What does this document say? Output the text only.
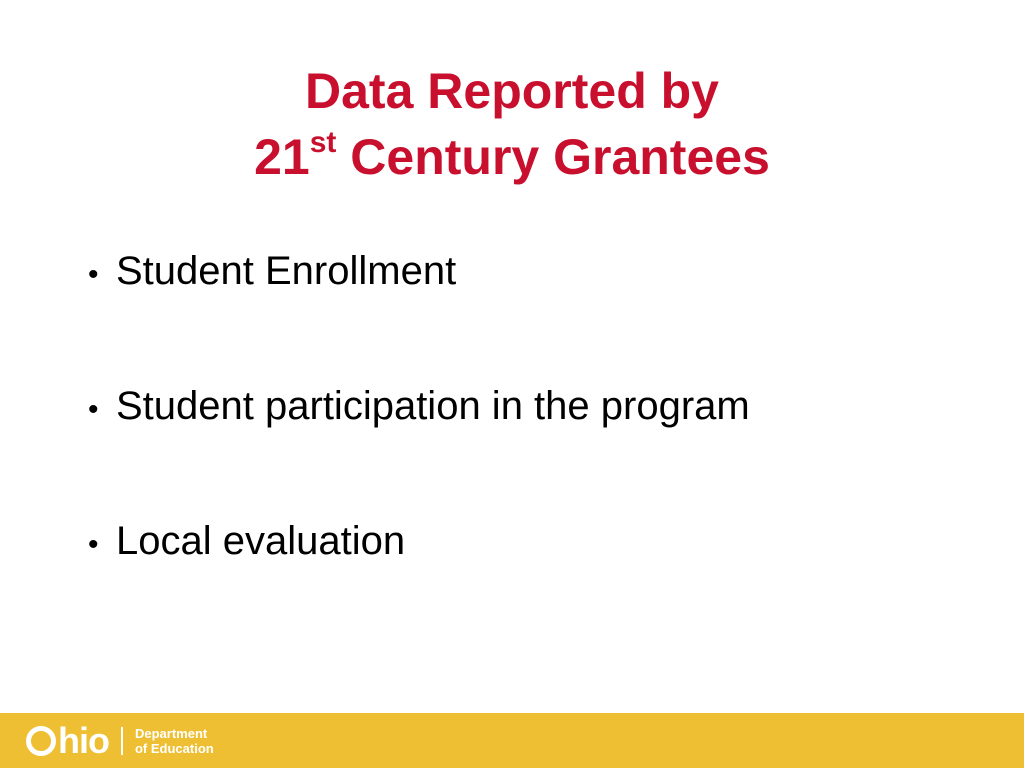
Data Reported by
21st Century Grantees
• Student Enrollment
• Student participation in the program
• Local evaluation
hio Department
of Education
